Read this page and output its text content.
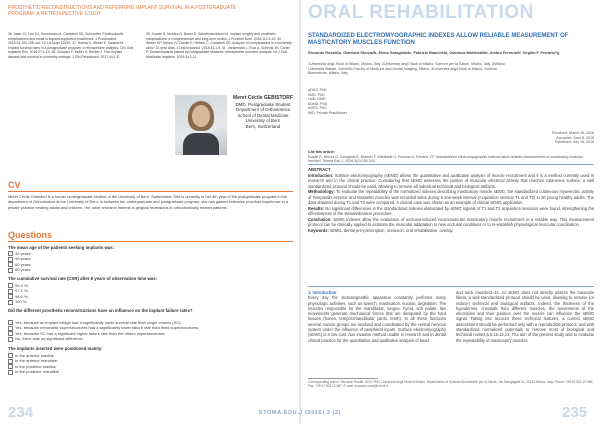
PROSTHETIC RECONSTRUCTIONS AND REFERRING IMPLANT SURVIVAL IN A POSTGRADUATE PROGRAM: A RETROSPECTIVE STUDY
36. Vaan JC, Lee DJ, Konermann A, Campbell SD, Schroetter. Prosthodontic complications and recall in implant-supported prostheses. J Prosthodont. 2015;24:100-108. doi: 10.1111/jopr.12190. 37. Hanna S, Weber K, Salama M. Implant survival rates in a postgraduate program: a retrospective analysis. Clin Oral Implants Res. 2016;27:1-10. 38. Schwarz F, Müller S, Becker J. Peri-implant disease and survival in university settings. J Clin Periodontol. 2017;44:1-8.
39. Duarte N, Mordeo N, Bauer D, Schwertzenbaum M. Implant surgery and prosthetic complications: a comprehensive and long-term review. J Prosthet Dent. 2014;112:1-12. 40. Weber HP, Neves LV, Gardin R, Rebelo C, Campbell SD. Analysis of complications in a university clinic: 10-year data. J Oral Implantol. 2018;44:1-9. 41. Vandemark L, Ruiz A, Scheutz JH, Carter P. Dental implants placed by postgraduate students: retrospective outcome analysis. Int J Oral Maxillofac Implants. 2019;34:1-11.
Meret Cécile GEBISTORF
DMD, Postgraduate Student
Department of Orthodontics
School of Dental Medicine
University of Bern
Bern, Switzerland
CV
Meret Cécile Gebistorf is a former undergraduate student of the University of Bern, Switzerland. She is currently in her 4th year of the postgraduate program in the department of Orthodontics at the University of Bern. In between her undergraduate and postgraduate program, she has gained extensive practical experience in a private practice treating adults and children. Her other research interest is gingival recessions in orthodontically treated patients.
Questions
The mean age of the patients seeking implants was:
30 years;
40 years;
60 years;
80 years.
The cumulative survival rate (CSR) after 8 years of observation time was:
95.4 %;
97.1 %;
98.6 %;
100 %.
Did the different prosthetic reconstructions have an influence on the implant failure rates?
Yes, because an implant bridge had a significantly lower survival rate than single crowns (SC);
Yes, because removable superstructures had a significantly lower failure rate than fixed superstructures;
Yes, because SC had a significant higher failure rate than the others superstructures;
No, there was no significant difference.
The implants inserted were positioned mainly:
In the anterior maxilla;
In the anterior mandible;
In the posterior maxilla;
In the posterior mandible.
ORAL REHABILITATION
STANDARDIZED ELECTROMYOGRAPHIC INDEXES ALLOW RELIABLE MEASUREMENT OF MASTICATORY MUSCLES FUNCTION
Riccardo Rosati1a, Gianluca Sforza2b, Elena Garagiola3c, Fabrizio Bianchi4d, Gianluca Martinetti5e, Ambra Ferrario6f, Virgilio F. Ferrario7g
1Università degli Studi di Milano, Milano, Italy. 2Università degli Studi di Milano, Scienze per la Salute, Milano, Italy. 3Milano Università Statale, Scientific Faculty of Medicine and Dental Imaging, Milano. 4Università degli Studi di Milano, Scienze Biomediche, Milano, Italy.
aDDS, PhD
bMD, PhD
cMD, DMD
dDMD, PhD
eDDS, PhD
fMD, Private Practitioner
Received: March 16, 2016
Accepted: June 8, 2016
Published: July 18, 2016
Cite this article:
Rosati R, Sforza G, Garagiola E, Bianchi F, Martinetti G, Ferrario A, Ferrario VF. Standardized electromyographic indexes allow reliable measurement of masticatory muscles function. Stoma Edu J. 2016;3(2):235-242.
ABSTRACT
Introduction: Surface electromyography (sEMG) allows the quantitative and qualitative analysis of muscle recruitment and it is a method currently used in research and in the clinical practice. Considering that sEMG assesses the portion of muscular electrical activity that reaches cutaneous surface, a well standardized protocol should be used, allowing to remove all individual technical and biological artifacts.
Methodology: To evaluate the repeatability of the normalized indexes describing masticatory muscle sEMG, the standardized cutaneous myoelectric activity of Temporalis Anterior and Masseter muscles was recorded twice during a one-week interval (Acquisition session T1 and T2) in 20 young healthy adults. The data obtained during T1 and T2 were compared. A clinical case was shown as an example of clinical sEMG application.
Results: No significant differences in the standardized indexes elaborated by sEMG signals of T1 and T2 acquisition sessions were found, strengthening the effectiveness of the standardization procedure.
Conclusion: sEMG indexes allow the evaluation of occlusal-induced neuromuscular masticatory muscle recruitment in a reliable way. This measurement protocol can be clinically applied to estimate the muscular adaptation to new occlusal conditions or to re-establish physiological muscular coordination.
Keywords: sEMG, dental pre-prescription, occlusion, oral rehabilitation, overlay.
1. Introduction
Every day the stomatognathic apparatus constantly performs many physiologic activities, such as speech, mastication, suction, deglutition. The muscles responsible for the mandibular, tongue, hyoid, soft palate, lips movements generate mechanical forces that are dissipated by the hard tissues (bones, temporomandibular joints, teeth). In all these functions several muscle groups are involved and coordinated by the central nervous system under the influence of peripheral inputs. Surface electromyography (sEMG) is a low cost, non invasive method usable in research and in dental clinical practice for the quantitative and qualitative analysis of head
and neck muscles1-24. As sEMG does not directly assess the muscular fibers, a well-standardized protocol should be used, allowing to remove (or reduce) technical and biological artifacts. Indeed, the thickness of the hypodermis, crosstalk from different muscles, the movements of the electrodes and their position over the muscle can influence the sEMG signal. Taking into account these technical features, a correct sEMG assessment should be performed only with a reproducible protocol, and with standardized normalized potentials to remove most of biological and technical noise4,6,8,10,12,13. The aim of the present study was to evaluate the repeatability of masticatory muscles
Corresponding author: Riccardo Rosati, DDS, PhD, Università degli Studi di Milano, Dipartimento di Scienze Biomediche per la Salute, Via Mangiagalli 31, 20133 Milano, Italy. Phone: +39 02 503 15 396; Fax: +39 02 503 15 387; E-mail: riccardo.rosati@unimi.it
234	STOMA.EDU.J (2016) 3 (2)	235
